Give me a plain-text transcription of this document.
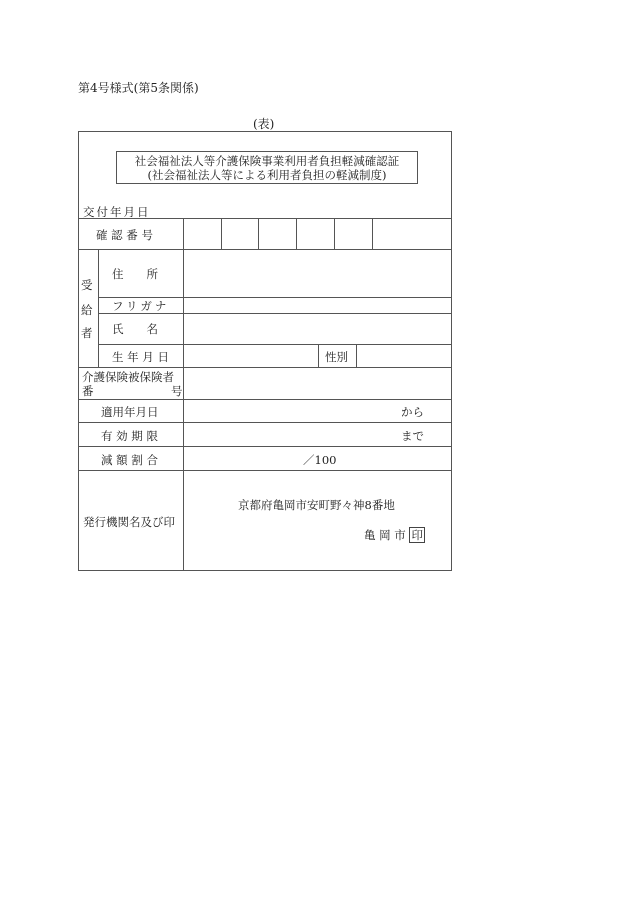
第4号様式(第5条関係)
(表)
社会福祉法人等介護保険事業利用者負担軽減確認証
(社会福祉法人等による利用者負担の軽減制度)
交付年月日
確 認 番 号
受
給
者
住　　所
フリガナ
氏　　名
生 年 月 日	性別
介護保険被保険者
番	号
適用年月日	から
有 効 期 限	まで
減 額 割 合	／100
発行機関名及び印
京都府亀岡市安町野々神8番地
亀 岡 市 印
